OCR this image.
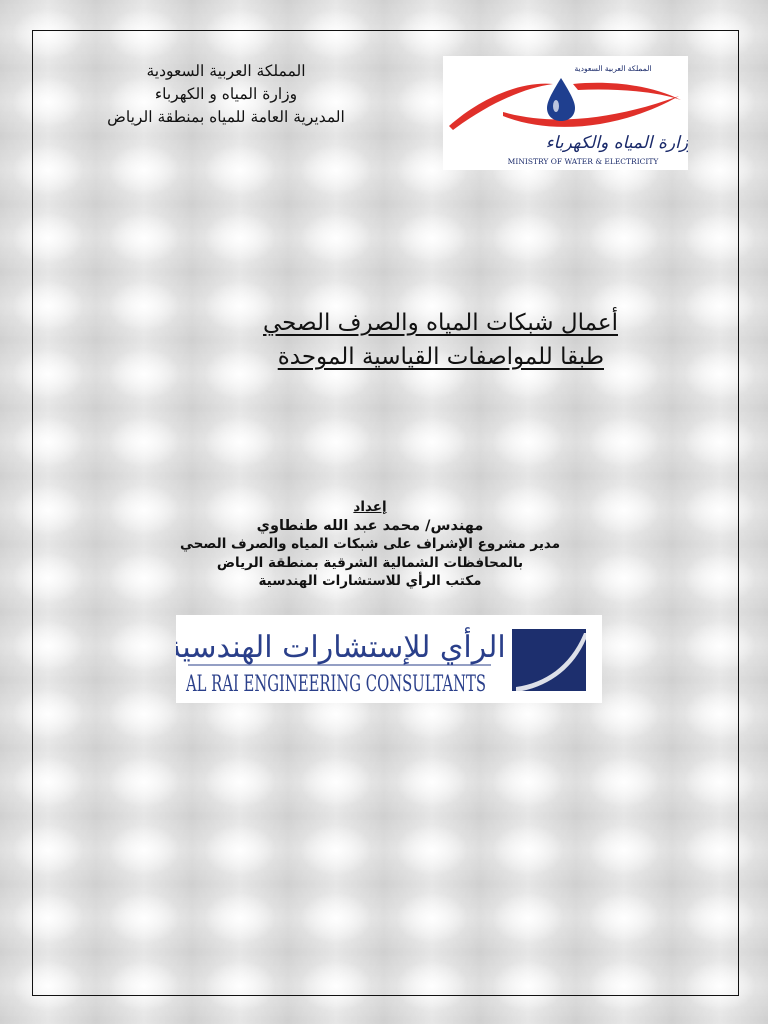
المملكة العربية السعودية
وزارة المياه و الكهرباء
المديرية العامة للمياه بمنطقة الرياض
المملكة العربية السعودية
وزارة المياه والكهرباء
MINISTRY OF WATER & ELECTRICITY
أعمال شبكات المياه والصرف الصحي
طبقا للمواصفات القياسية الموحدة
إعداد
مهندس/ محمد عبد الله طنطاوي
مدير مشروع الإشراف على شبكات المياه والصرف الصحي
بالمحافظات الشمالية الشرقية بمنطقة الرياض
مكتب الرأي للاستشارات الهندسية
الرأي للإستشارات الهندسية
AL RAI ENGINEERING CONSULTANTS
